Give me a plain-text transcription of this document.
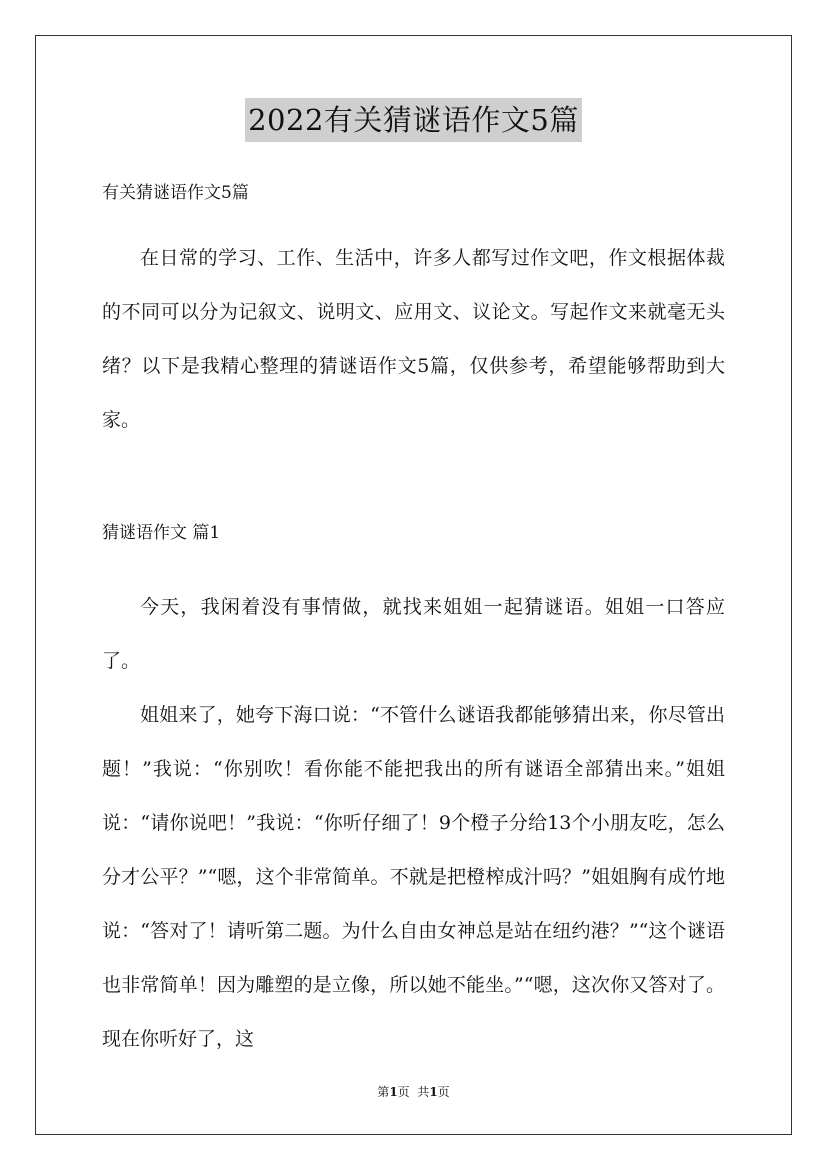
2022有关猜谜语作文5篇

有关猜谜语作文5篇

在日常的学习、工作、生活中，许多人都写过作文吧，作文根据体裁的不同可以分为记叙文、说明文、应用文、议论文。写起作文来就毫无头绪？以下是我精心整理的猜谜语作文5篇，仅供参考，希望能够帮助到大家。

猜谜语作文 篇1

今天，我闲着没有事情做，就找来姐姐一起猜谜语。姐姐一口答应了。

姐姐来了，她夸下海口说：“不管什么谜语我都能够猜出来，你尽管出题！”我说：“你别吹！看你能不能把我出的所有谜语全部猜出来。”姐姐说：“请你说吧！”我说：“你听仔细了！9个橙子分给13个小朋友吃，怎么分才公平？”“嗯，这个非常简单。不就是把橙榨成汁吗？”姐姐胸有成竹地说：“答对了！请听第二题。为什么自由女神总是站在纽约港？”“这个谜语也非常简单！因为雕塑的是立像，所以她不能坐。”“嗯，这次你又答对了。现在你听好了，这

第1页  共1页
